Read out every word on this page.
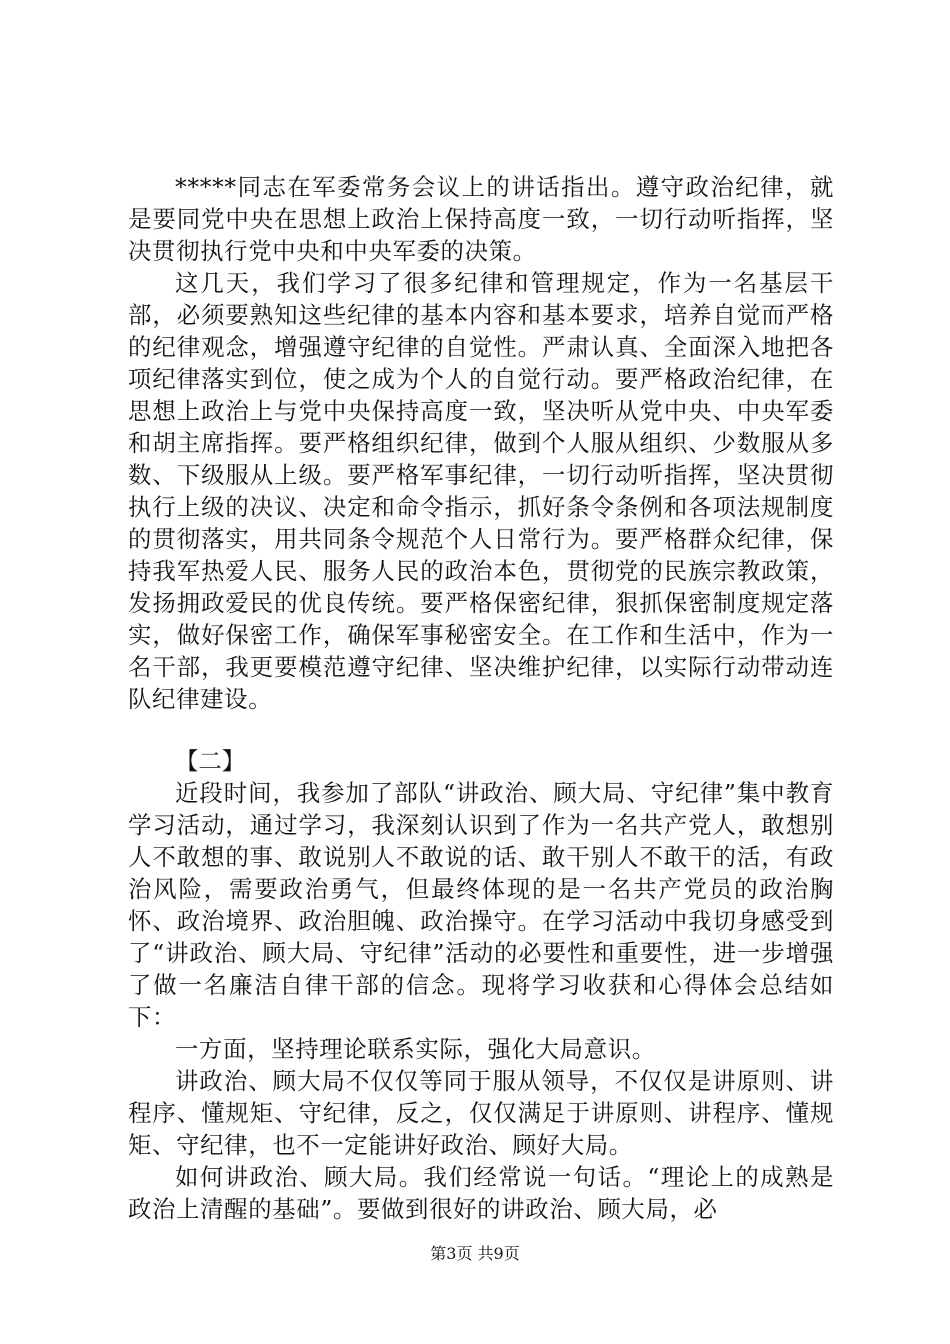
*****同志在军委常务会议上的讲话指出。遵守政治纪律，就是要同党中央在思想上政治上保持高度一致，一切行动听指挥，坚决贯彻执行党中央和中央军委的决策。

这几天，我们学习了很多纪律和管理规定，作为一名基层干部，必须要熟知这些纪律的基本内容和基本要求，培养自觉而严格的纪律观念，增强遵守纪律的自觉性。严肃认真、全面深入地把各项纪律落实到位，使之成为个人的自觉行动。要严格政治纪律，在思想上政治上与党中央保持高度一致，坚决听从党中央、中央军委和胡主席指挥。要严格组织纪律，做到个人服从组织、少数服从多数、下级服从上级。要严格军事纪律，一切行动听指挥，坚决贯彻执行上级的决议、决定和命令指示，抓好条令条例和各项法规制度的贯彻落实，用共同条令规范个人日常行为。要严格群众纪律，保持我军热爱人民、服务人民的政治本色，贯彻党的民族宗教政策，发扬拥政爱民的优良传统。要严格保密纪律，狠抓保密制度规定落实，做好保密工作，确保军事秘密安全。在工作和生活中，作为一名干部，我更要模范遵守纪律、坚决维护纪律，以实际行动带动连队纪律建设。

【二】

近段时间，我参加了部队“讲政治、顾大局、守纪律”集中教育学习活动，通过学习，我深刻认识到了作为一名共产党人，敢想别人不敢想的事、敢说别人不敢说的话、敢干别人不敢干的活，有政治风险，需要政治勇气，但最终体现的是一名共产党员的政治胸怀、政治境界、政治胆魄、政治操守。在学习活动中我切身感受到了“讲政治、顾大局、守纪律”活动的必要性和重要性，进一步增强了做一名廉洁自律干部的信念。现将学习收获和心得体会总结如下：

一方面，坚持理论联系实际，强化大局意识。

讲政治、顾大局不仅仅等同于服从领导，不仅仅是讲原则、讲程序、懂规矩、守纪律，反之，仅仅满足于讲原则、讲程序、懂规矩、守纪律，也不一定能讲好政治、顾好大局。

如何讲政治、顾大局。我们经常说一句话。“理论上的成熟是政治上清醒的基础”。要做到很好的讲政治、顾大局，必

第3页 共9页
